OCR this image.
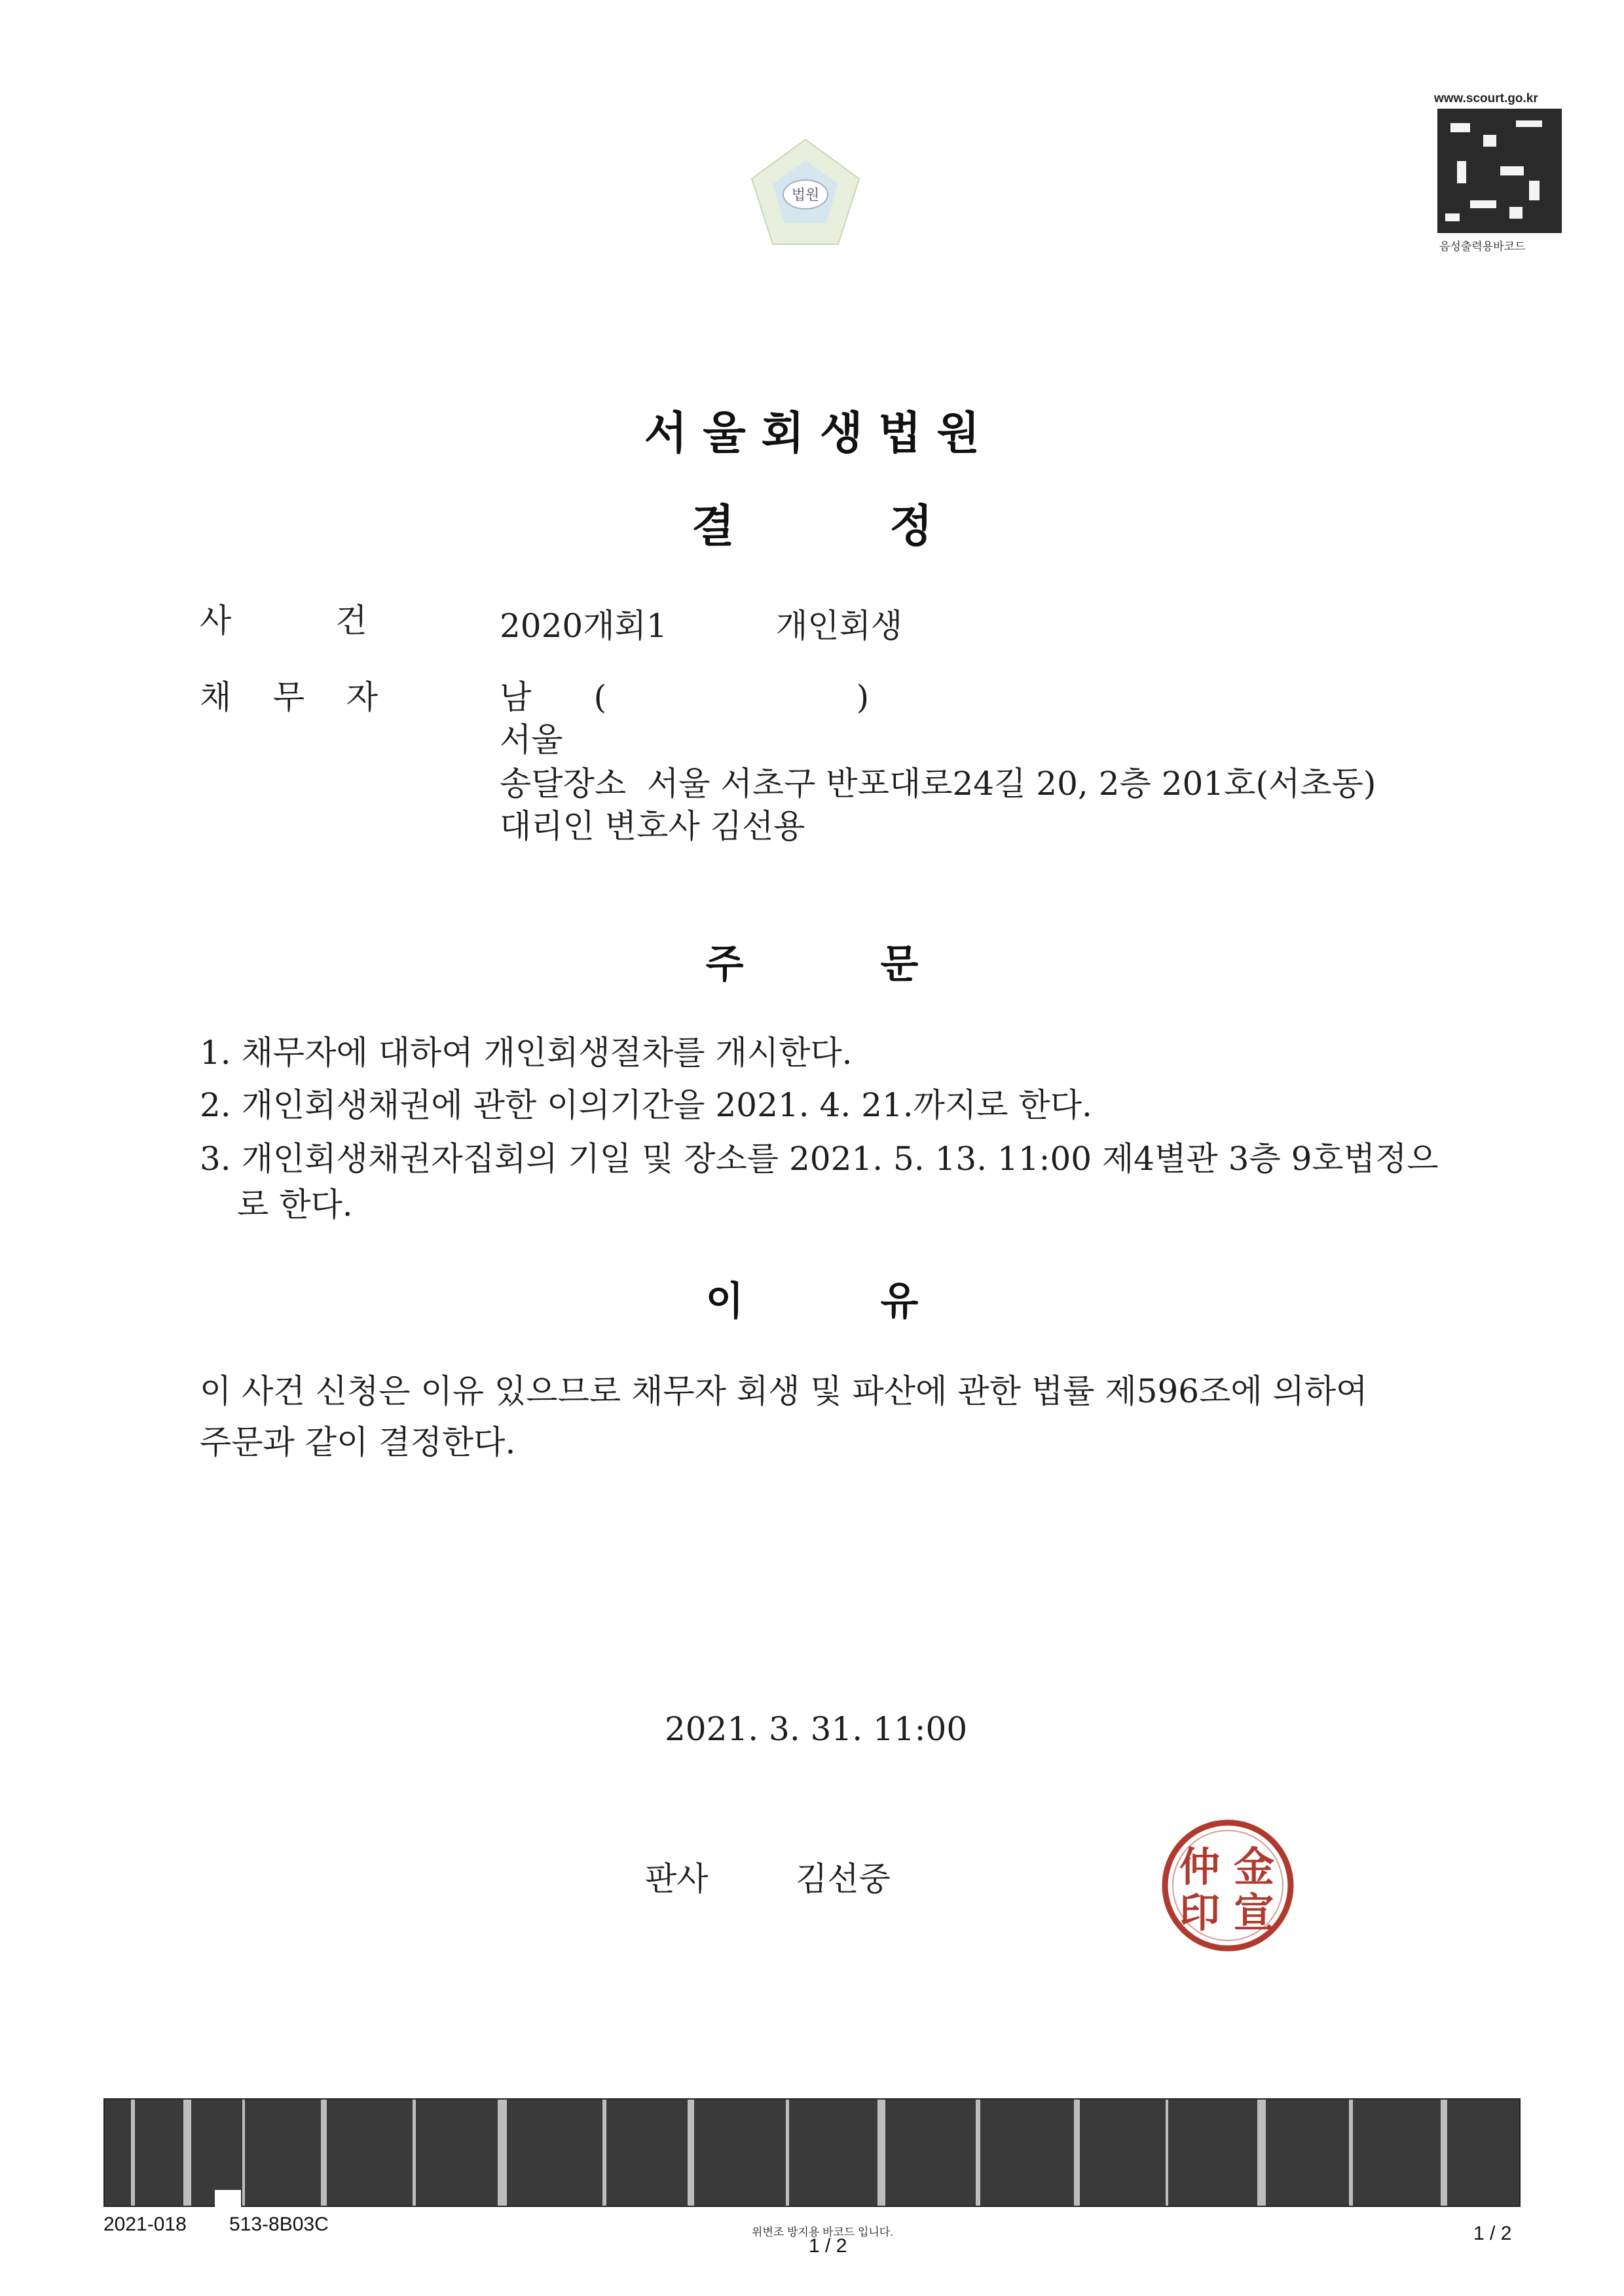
법원
www.scourt.go.kr
음성출력용바코드
서 울 회 생 법 원
결          정
사          건	2020개회1	개인회생
채    무    자	남      (                        )
서울
송달장소  서울 서초구 반포대로24길 20, 2층 201호(서초동)
대리인 변호사 김선용
주          문
1. 채무자에 대하여 개인회생절차를 개시한다.
2. 개인회생채권에 관한 이의기간을 2021. 4. 21.까지로 한다.
3. 개인회생채권자집회의 기일 및 장소를 2021. 5. 13. 11:00 제4별관 3층 9호법정으
로 한다.
이          유
이 사건 신청은 이유 있으므로 채무자 회생 및 파산에 관한 법률 제596조에 의하여
주문과 같이 결정한다.
2021. 3. 31. 11:00
판사	김선중	仲 金
印 宣
2021-018 513-8B03C	위변조 방지용 바코드 입니다.
1 / 2
1 / 2
